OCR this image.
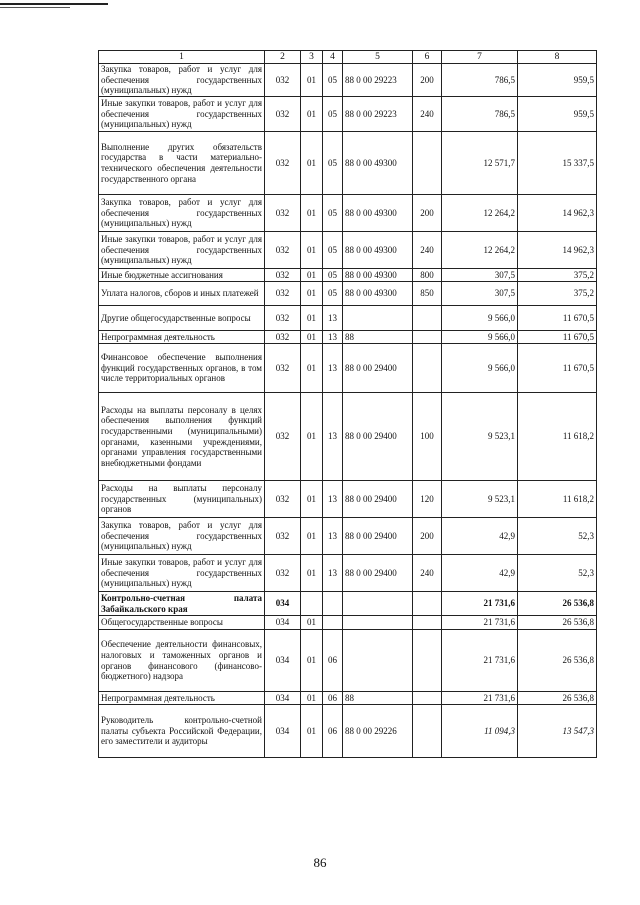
1	2	3	4	5	6	7	8
Закупка товаров, работ и услуг для обеспечения государственных (муниципальных) нужд	032	01	05	88 0 00 29223	200	786,5	959,5
Иные закупки товаров, работ и услуг для обеспечения государственных (муниципальных) нужд	032	01	05	88 0 00 29223	240	786,5	959,5
Выполнение других обязательств государства в части материально-технического обеспечения деятельности государственного органа	032	01	05	88 0 00 49300		12 571,7	15 337,5
Закупка товаров, работ и услуг для обеспечения государственных (муниципальных) нужд	032	01	05	88 0 00 49300	200	12 264,2	14 962,3
Иные закупки товаров, работ и услуг для обеспечения государственных (муниципальных) нужд	032	01	05	88 0 00 49300	240	12 264,2	14 962,3
Иные бюджетные ассигнования	032	01	05	88 0 00 49300	800	307,5	375,2
Уплата налогов, сборов и иных платежей	032	01	05	88 0 00 49300	850	307,5	375,2
Другие общегосударственные вопросы	032	01	13			9 566,0	11 670,5
Непрограммная деятельность	032	01	13	88		9 566,0	11 670,5
Финансовое обеспечение выполнения функций государственных органов, в том числе территориальных органов	032	01	13	88 0 00 29400		9 566,0	11 670,5
Расходы на выплаты персоналу в целях обеспечения выполнения функций государственными (муниципальными) органами, казенными учреждениями, органами управления государственными внебюджетными фондами	032	01	13	88 0 00 29400	100	9 523,1	11 618,2
Расходы на выплаты персоналу государственных (муниципальных) органов	032	01	13	88 0 00 29400	120	9 523,1	11 618,2
Закупка товаров, работ и услуг для обеспечения государственных (муниципальных) нужд	032	01	13	88 0 00 29400	200	42,9	52,3
Иные закупки товаров, работ и услуг для обеспечения государственных (муниципальных) нужд	032	01	13	88 0 00 29400	240	42,9	52,3
Контрольно-счетная палата Забайкальского края	034					21 731,6	26 536,8
Общегосударственные вопросы	034	01				21 731,6	26 536,8
Обеспечение деятельности финансовых, налоговых и таможенных органов и органов финансового (финансово-бюджетного) надзора	034	01	06			21 731,6	26 536,8
Непрограммная деятельность	034	01	06	88		21 731,6	26 536,8
Руководитель контрольно-счетной палаты субъекта Российской Федерации, его заместители и аудиторы	034	01	06	88 0 00 29226		11 094,3	13 547,3
86
